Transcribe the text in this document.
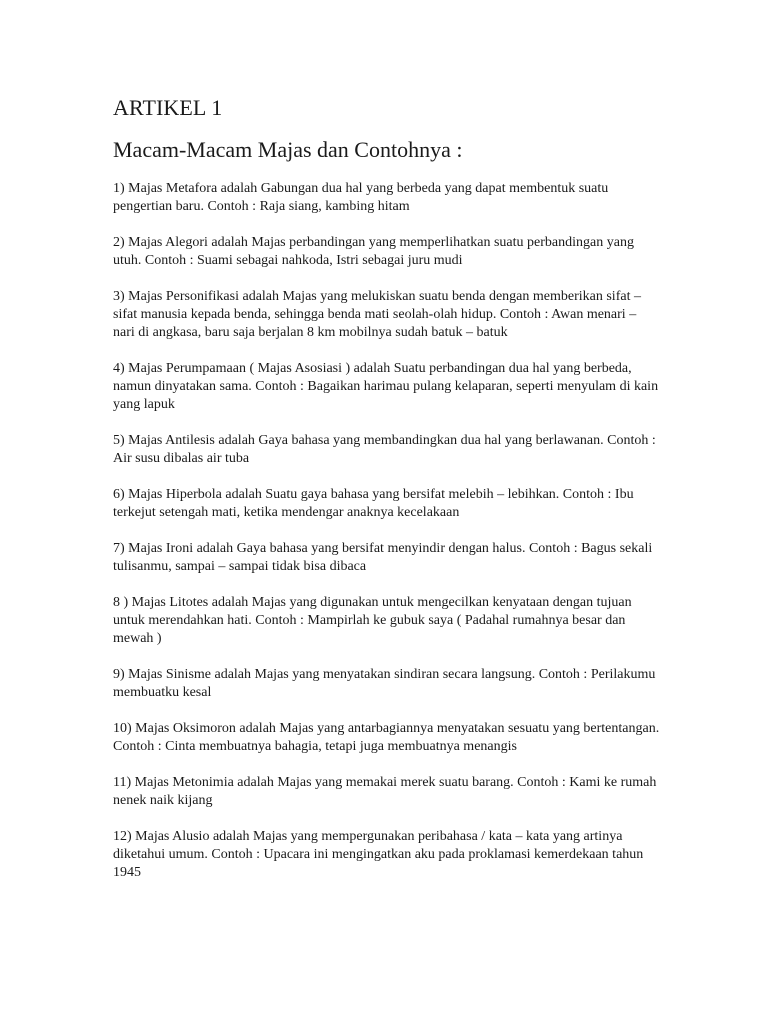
ARTIKEL 1
Macam-Macam Majas dan Contohnya :
1) Majas Metafora adalah Gabungan dua hal yang berbeda yang dapat membentuk suatu pengertian baru. Contoh : Raja siang, kambing hitam
2) Majas Alegori adalah Majas perbandingan yang memperlihatkan suatu perbandingan yang utuh. Contoh : Suami sebagai nahkoda, Istri sebagai juru mudi
3) Majas Personifikasi adalah Majas yang melukiskan suatu benda dengan memberikan sifat – sifat manusia kepada benda, sehingga benda mati seolah-olah hidup. Contoh : Awan menari – nari di angkasa, baru saja berjalan 8 km mobilnya sudah batuk – batuk
4) Majas Perumpamaan ( Majas Asosiasi ) adalah Suatu perbandingan dua hal yang berbeda, namun dinyatakan sama. Contoh : Bagaikan harimau pulang kelaparan, seperti menyulam di kain yang lapuk
5) Majas Antilesis adalah Gaya bahasa yang membandingkan dua hal yang berlawanan. Contoh : Air susu dibalas air tuba
6) Majas Hiperbola adalah Suatu gaya bahasa yang bersifat melebih – lebihkan. Contoh : Ibu terkejut setengah mati, ketika mendengar anaknya kecelakaan
7) Majas Ironi adalah Gaya bahasa yang bersifat menyindir dengan halus. Contoh : Bagus sekali tulisanmu, sampai – sampai tidak bisa dibaca
8 ) Majas Litotes adalah Majas yang digunakan untuk mengecilkan kenyataan dengan tujuan untuk merendahkan hati. Contoh : Mampirlah ke gubuk saya ( Padahal rumahnya besar dan mewah )
9) Majas Sinisme adalah Majas yang menyatakan sindiran secara langsung. Contoh : Perilakumu membuatku kesal
10) Majas Oksimoron adalah Majas yang antarbagiannya menyatakan sesuatu yang bertentangan. Contoh : Cinta membuatnya bahagia, tetapi juga membuatnya menangis
11) Majas Metonimia adalah Majas yang memakai merek suatu barang. Contoh : Kami ke rumah nenek naik kijang
12) Majas Alusio adalah Majas yang mempergunakan peribahasa / kata – kata yang artinya diketahui umum. Contoh : Upacara ini mengingatkan aku pada proklamasi kemerdekaan tahun 1945
